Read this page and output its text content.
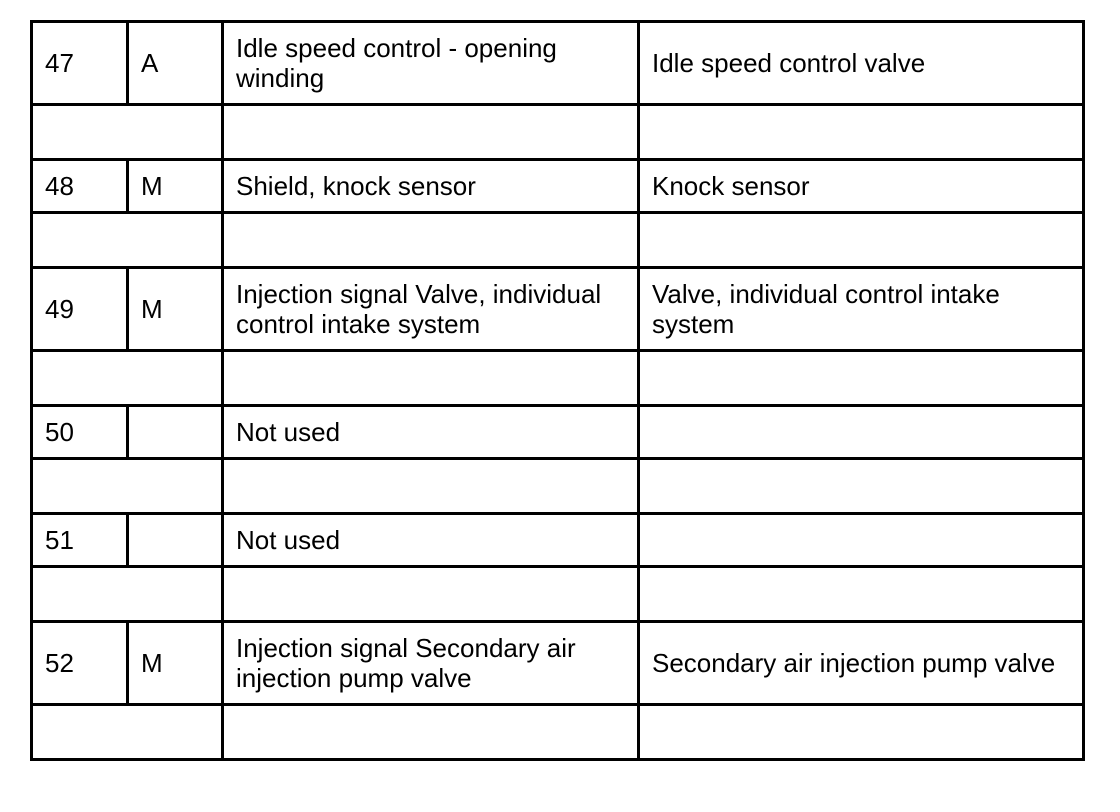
47	A	Idle speed control - opening winding	Idle speed control valve

48	M	Shield, knock sensor	Knock sensor

49	M	Injection signal Valve, individual control intake system	Valve, individual control intake system

50		Not used	

51		Not used	

52	M	Injection signal Secondary air injection pump valve	Secondary air injection pump valve
